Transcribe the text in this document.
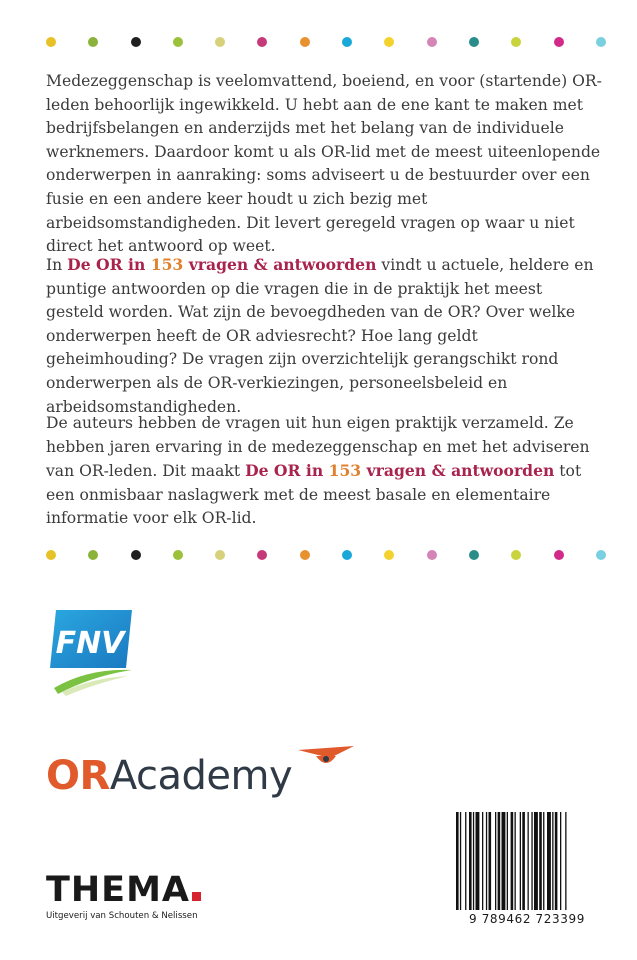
Medezeggenschap is veelomvattend, boeiend, en voor (startende) OR-leden behoorlijk ingewikkeld. U hebt aan de ene kant te maken met bedrijfsbelangen en anderzijds met het belang van de individuele werknemers. Daardoor komt u als OR-lid met de meest uiteenlopende onderwerpen in aanraking: soms adviseert u de bestuurder over een fusie en een andere keer houdt u zich bezig met arbeidsomstandigheden. Dit levert geregeld vragen op waar u niet direct het antwoord op weet.

In De OR in 153 vragen & antwoorden vindt u actuele, heldere en puntige antwoorden op die vragen die in de praktijk het meest gesteld worden. Wat zijn de bevoegdheden van de OR? Over welke onderwerpen heeft de OR adviesrecht? Hoe lang geldt geheimhouding? De vragen zijn overzichtelijk gerangschikt rond onderwerpen als de OR-verkiezingen, personeelsbeleid en arbeidsomstandigheden.

De auteurs hebben de vragen uit hun eigen praktijk verzameld. Ze hebben jaren ervaring in de medezeggenschap en met het adviseren van OR-leden. Dit maakt De OR in 153 vragen & antwoorden tot een onmisbaar naslagwerk met de meest basale en elementaire informatie voor elk OR-lid.

FNV
ORAcademy
THEMA
Uitgeverij van Schouten & Nelissen	9 789462 723399
